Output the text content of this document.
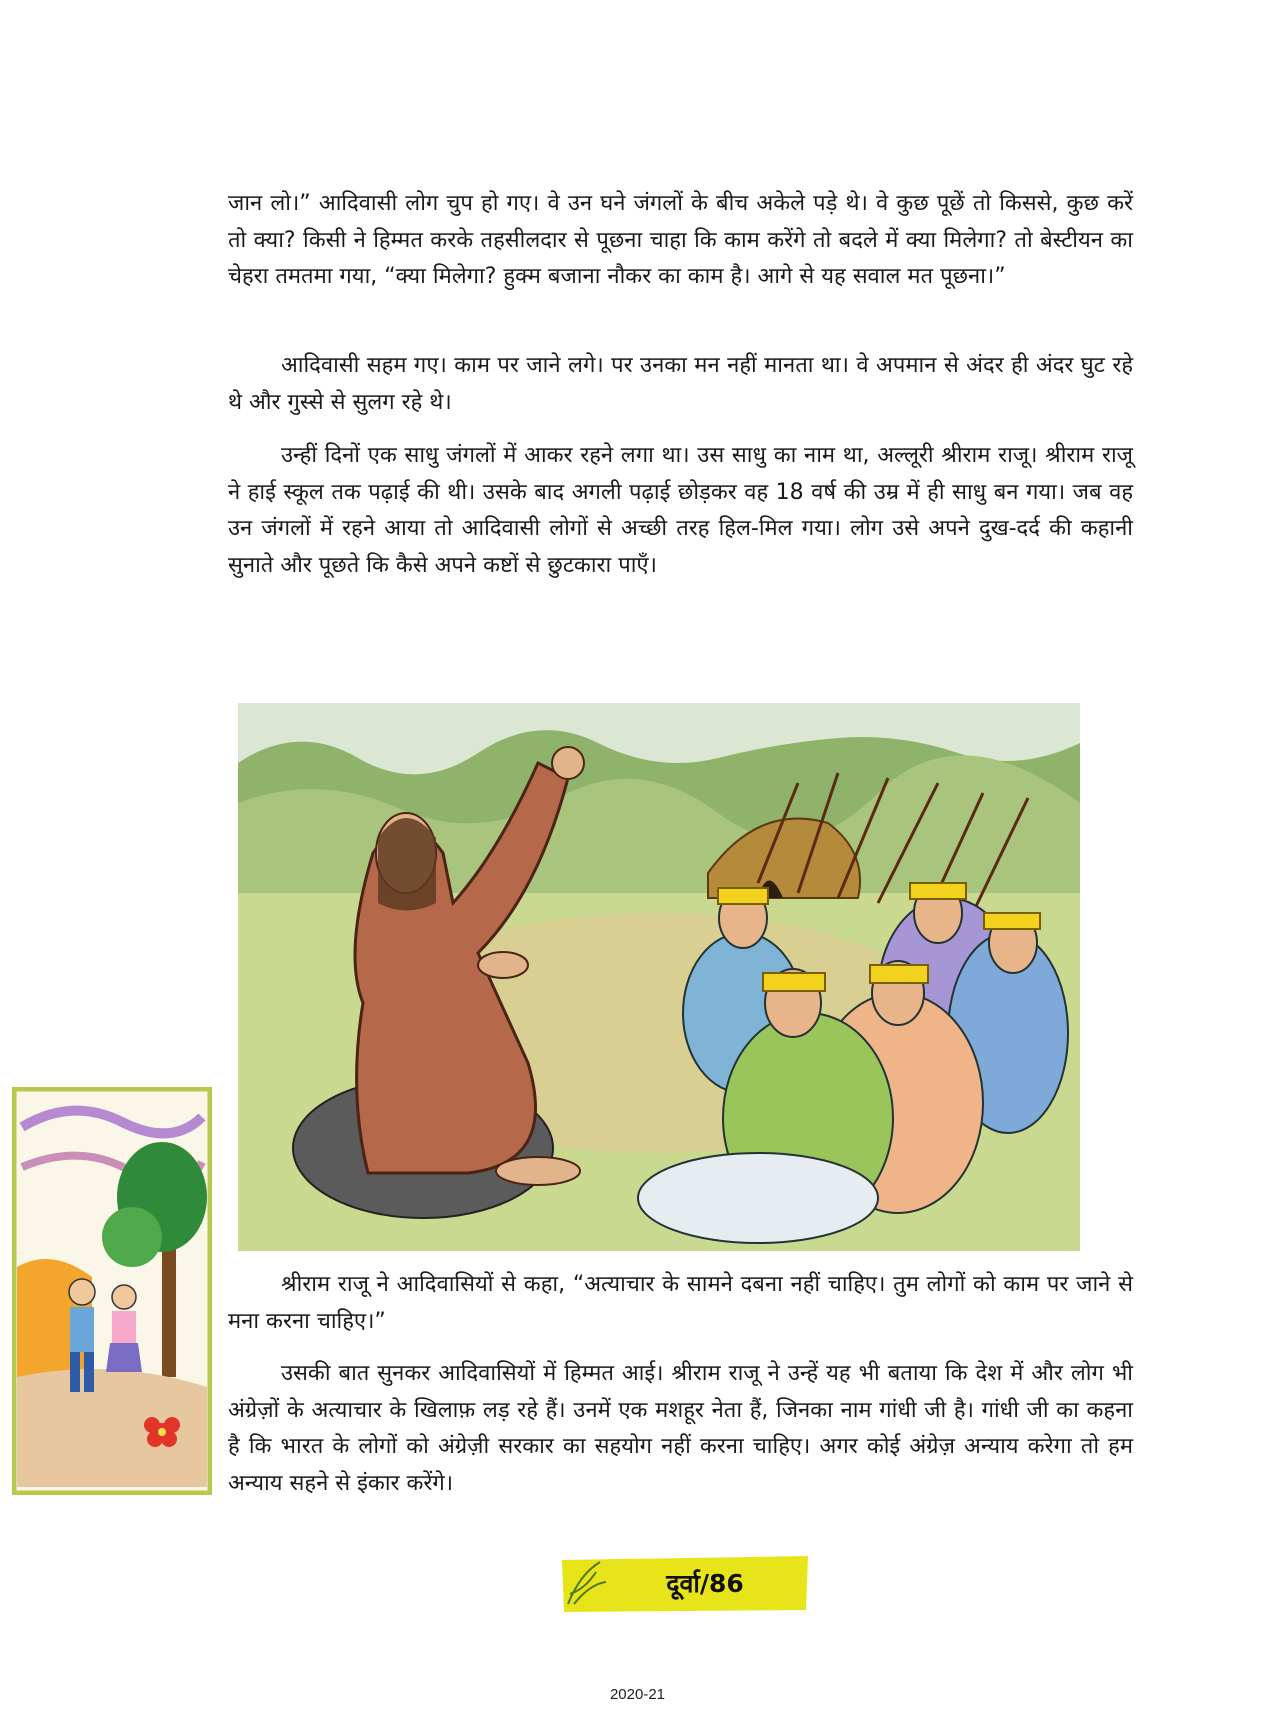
जान लो।” आदिवासी लोग चुप हो गए। वे उन घने जंगलों के बीच अकेले पड़े थे। वे कुछ पूछें तो किससे, कुछ करें तो क्या? किसी ने हिम्मत करके तहसीलदार से पूछना चाहा कि काम करेंगे तो बदले में क्या मिलेगा? तो बेस्टीयन का चेहरा तमतमा गया, “क्या मिलेगा? हुक्म बजाना नौकर का काम है। आगे से यह सवाल मत पूछना।”

आदिवासी सहम गए। काम पर जाने लगे। पर उनका मन नहीं मानता था। वे अपमान से अंदर ही अंदर घुट रहे थे और गुस्से से सुलग रहे थे।

उन्हीं दिनों एक साधु जंगलों में आकर रहने लगा था। उस साधु का नाम था, अल्लूरी श्रीराम राजू। श्रीराम राजू ने हाई स्कूल तक पढ़ाई की थी। उसके बाद अगली पढ़ाई छोड़कर वह 18 वर्ष की उम्र में ही साधु बन गया। जब वह उन जंगलों में रहने आया तो आदिवासी लोगों से अच्छी तरह हिल-मिल गया। लोग उसे अपने दुख-दर्द की कहानी सुनाते और पूछते कि कैसे अपने कष्टों से छुटकारा पाएँ।

श्रीराम राजू ने आदिवासियों से कहा, “अत्याचार के सामने दबना नहीं चाहिए। तुम लोगों को काम पर जाने से मना करना चाहिए।”

उसकी बात सुनकर आदिवासियों में हिम्मत आई। श्रीराम राजू ने उन्हें यह भी बताया कि देश में और लोग भी अंग्रेज़ों के अत्याचार के खिलाफ़ लड़ रहे हैं। उनमें एक मशहूर नेता हैं, जिनका नाम गांधी जी है। गांधी जी का कहना है कि भारत के लोगों को अंग्रेज़ी सरकार का सहयोग नहीं करना चाहिए। अगर कोई अंग्रेज़ अन्याय करेगा तो हम अन्याय सहने से इंकार करेंगे।

दूर्वा/86
2020-21
